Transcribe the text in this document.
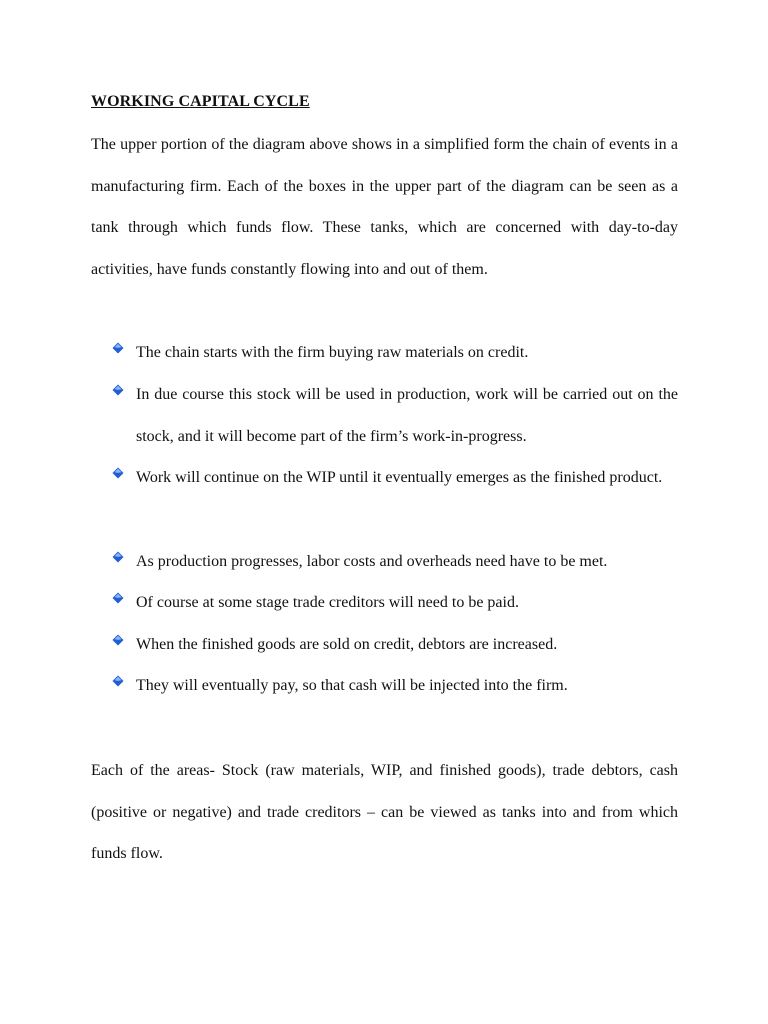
WORKING CAPITAL CYCLE

The upper portion of the diagram above shows in a simplified form the chain of events in a manufacturing firm. Each of the boxes in the upper part of the diagram can be seen as a tank through which funds flow. These tanks, which are concerned with day-to-day activities, have funds constantly flowing into and out of them.

The chain starts with the firm buying raw materials on credit.

In due course this stock will be used in production, work will be carried out on the stock, and it will become part of the firm’s work-in-progress.

Work will continue on the WIP until it eventually emerges as the finished product.

As production progresses, labor costs and overheads need have to be met.

Of course at some stage trade creditors will need to be paid.

When the finished goods are sold on credit, debtors are increased.

They will eventually pay, so that cash will be injected into the firm.

Each of the areas- Stock (raw materials, WIP, and finished goods), trade debtors, cash (positive or negative) and trade creditors – can be viewed as tanks into and from which funds flow.
